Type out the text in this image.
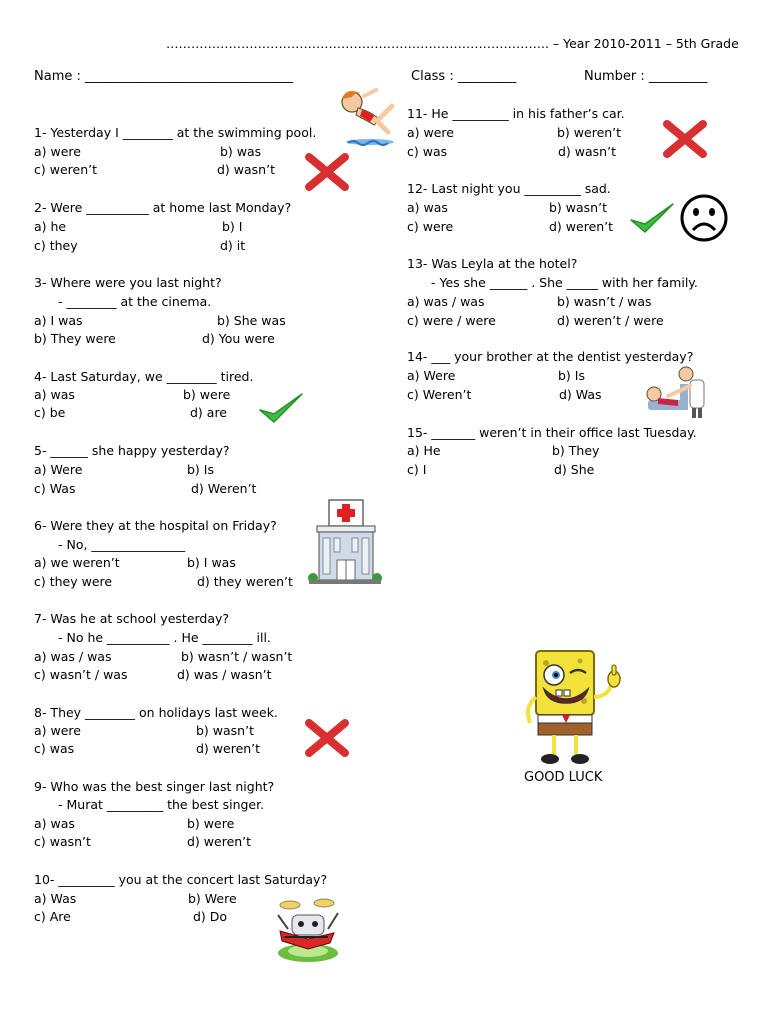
……………………………………………………………………………….. – Year 2010-2011 – 5th Grade
Name : ________________________________	Class : _________	Number : _________
1- Yesterday I ________ at the swimming pool.
a) were	b) was
c) weren’t	d) wasn’t
2- Were __________ at home last Monday?
a) he	b) I
c) they	d) it
3- Where were you last night?
- ________ at the cinema.
a) I was	b) She was
b) They were	d) You were
4- Last Saturday, we ________ tired.
a) was	b) were
c) be	d) are
5- ______ she happy yesterday?
a) Were	b) Is
c) Was	d) Weren’t
6- Were they at the hospital on Friday?
- No, _______________
a) we weren’t	b) I was
c) they were	d) they weren’t
7- Was he at school yesterday?
- No he __________ . He ________ ill.
a) was / was	b) wasn’t / wasn’t
c) wasn’t / was	d) was / wasn’t
8- They ________ on holidays last week.
a) were	b) wasn’t
c) was	d) weren’t
9- Who was the best singer last night?
- Murat _________ the best singer.
a) was	b) were
c) wasn’t	d) weren’t
10- _________ you at the concert last Saturday?
a) Was	b) Were
c) Are	d) Do
11- He _________ in his father’s car.
a) were	b) weren’t
c) was	d) wasn’t
12- Last night you _________ sad.
a) was	b) wasn’t
c) were	d) weren’t
13- Was Leyla at the hotel?
- Yes she ______ . She _____ with her family.
a) was / was	b) wasn’t / was
c) were / were	d) weren’t / were
14- ___ your brother at the dentist yesterday?
a) Were	b) Is
c) Weren’t	d) Was
15- _______ weren’t in their office last Tuesday.
a) He	b) They
c) I	d) She
GOOD LUCK
